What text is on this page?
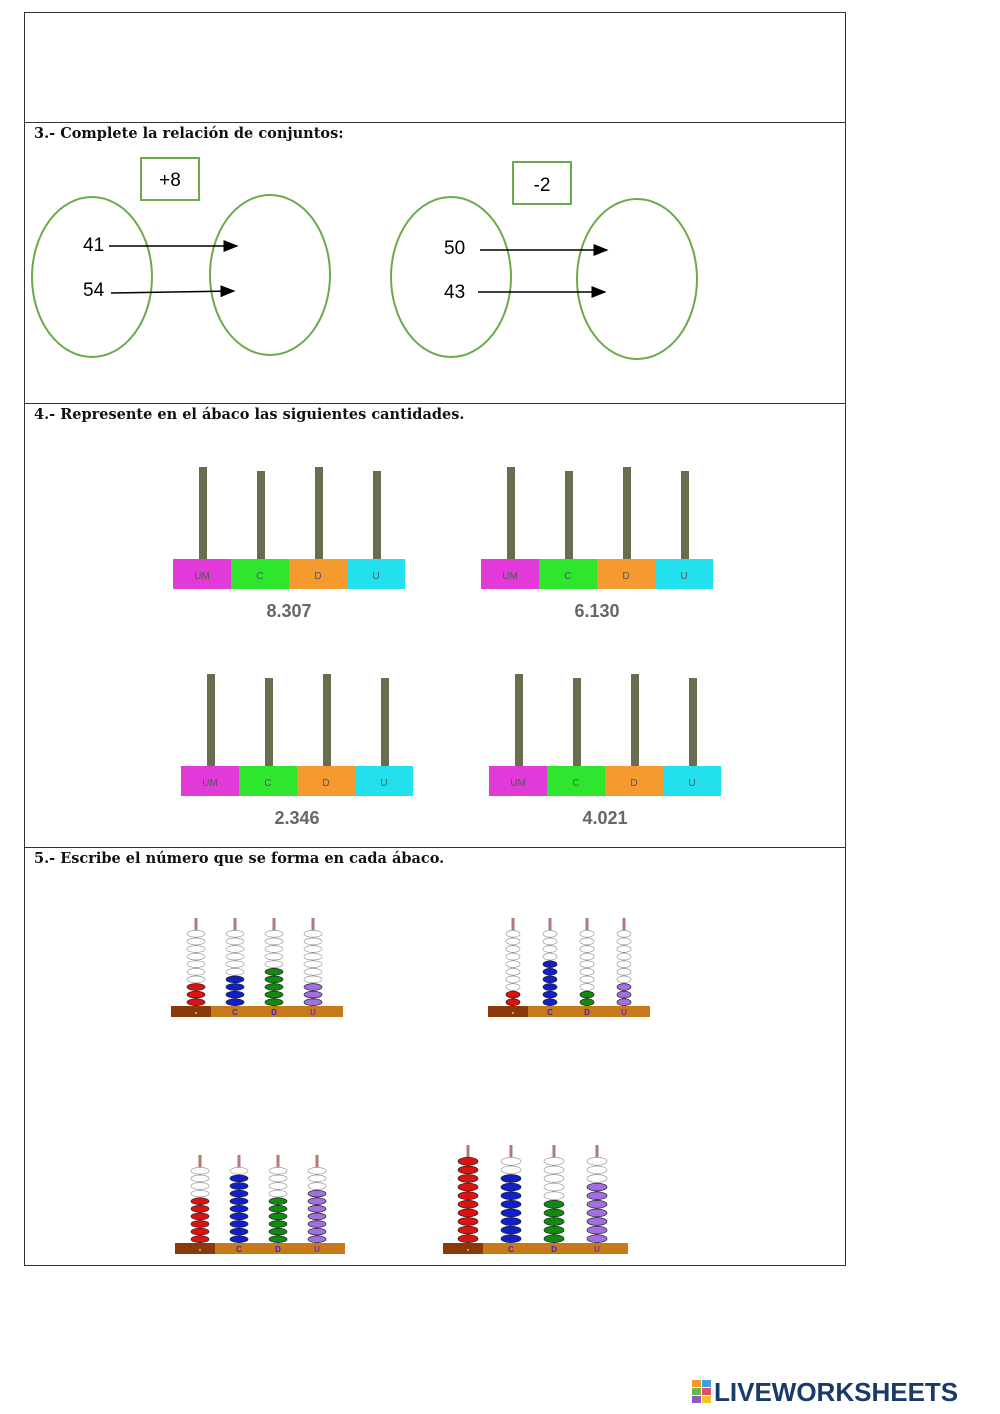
3.- Complete la relación de conjuntos:
+8
41
54
-2
50
43
4.- Represente en el ábaco las siguientes cantidades.
UM	C	D	U
8.307
UM	C	D	U
6.130
UM	C	D	U
2.346
UM	C	D	U
4.021
5.- Escribe el número que se forma en cada ábaco.
-	C	D	U	-	C	D	U
-	C	D	U	-	C	D	U
LIVEWORKSHEETS
